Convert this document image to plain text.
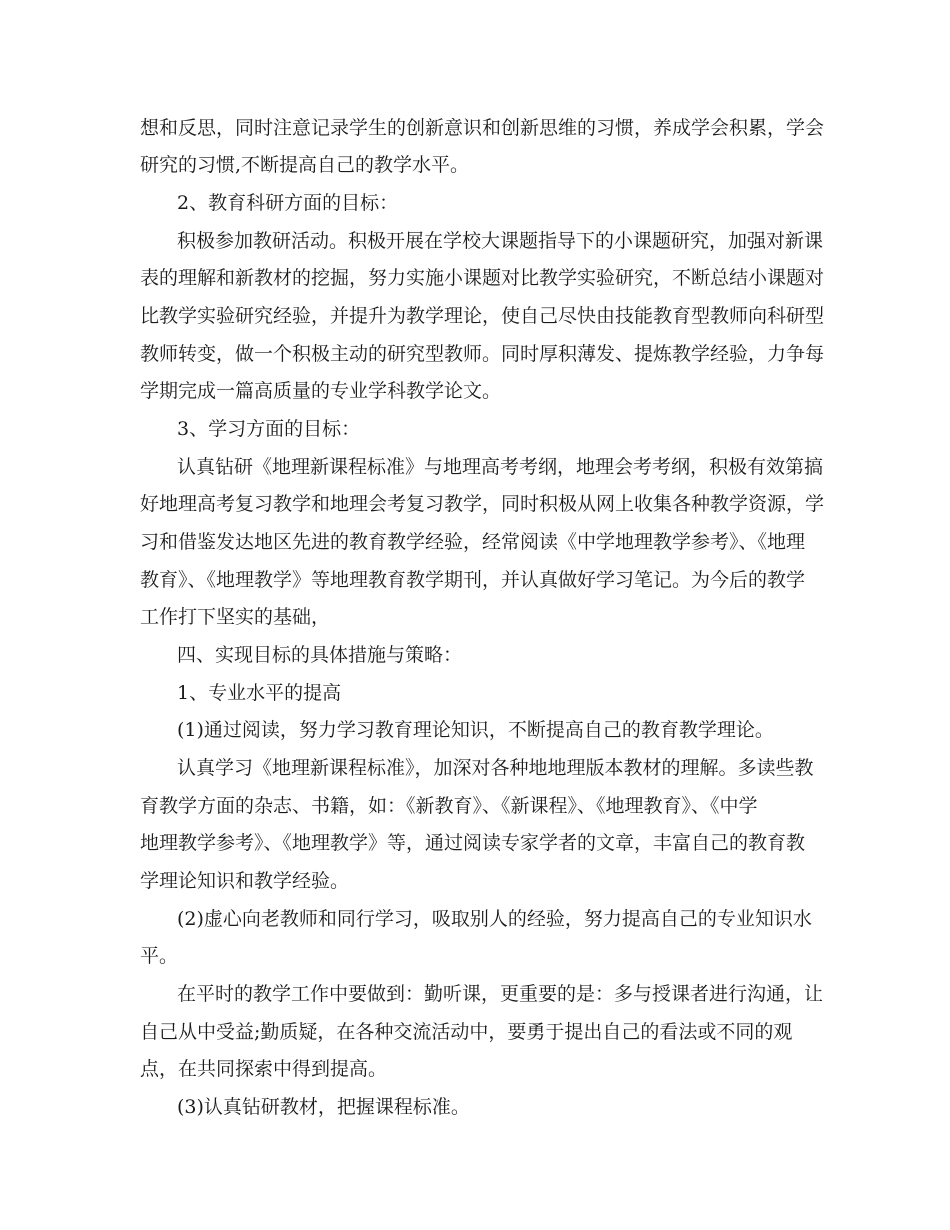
想和反思，同时注意记录学生的创新意识和创新思维的习惯，养成学会积累，学会
研究的习惯,不断提高自己的教学水平。
2、教育科研方面的目标：
积极参加教研活动。积极开展在学校大课题指导下的小课题研究，加强对新课
表的理解和新教材的挖掘，努力实施小课题对比教学实验研究，不断总结小课题对
比教学实验研究经验，并提升为教学理论，使自己尽快由技能教育型教师向科研型
教师转变，做一个积极主动的研究型教师。同时厚积薄发、提炼教学经验，力争每
学期完成一篇高质量的专业学科教学论文。
3、学习方面的目标：
认真钻研《地理新课程标准》与地理高考考纲，地理会考考纲，积极有效第搞
好地理高考复习教学和地理会考复习教学，同时积极从网上收集各种教学资源，学
习和借鉴发达地区先进的教育教学经验，经常阅读《中学地理教学参考》、《地理
教育》、《地理教学》等地理教育教学期刊，并认真做好学习笔记。为今后的教学
工作打下坚实的基础，
四、实现目标的具体措施与策略：
1、专业水平的提高
(1)通过阅读，努力学习教育理论知识，不断提高自己的教育教学理论。
认真学习《地理新课程标准》，加深对各种地地理版本教材的理解。多读些教
育教学方面的杂志、书籍，如：《新教育》、《新课程》、《地理教育》、《中学
地理教学参考》、《地理教学》等，通过阅读专家学者的文章，丰富自己的教育教
学理论知识和教学经验。
(2)虚心向老教师和同行学习，吸取别人的经验，努力提高自己的专业知识水
平。
在平时的教学工作中要做到：勤听课，更重要的是：多与授课者进行沟通，让
自己从中受益;勤质疑，在各种交流活动中，要勇于提出自己的看法或不同的观
点，在共同探索中得到提高。
(3)认真钻研教材，把握课程标准。
